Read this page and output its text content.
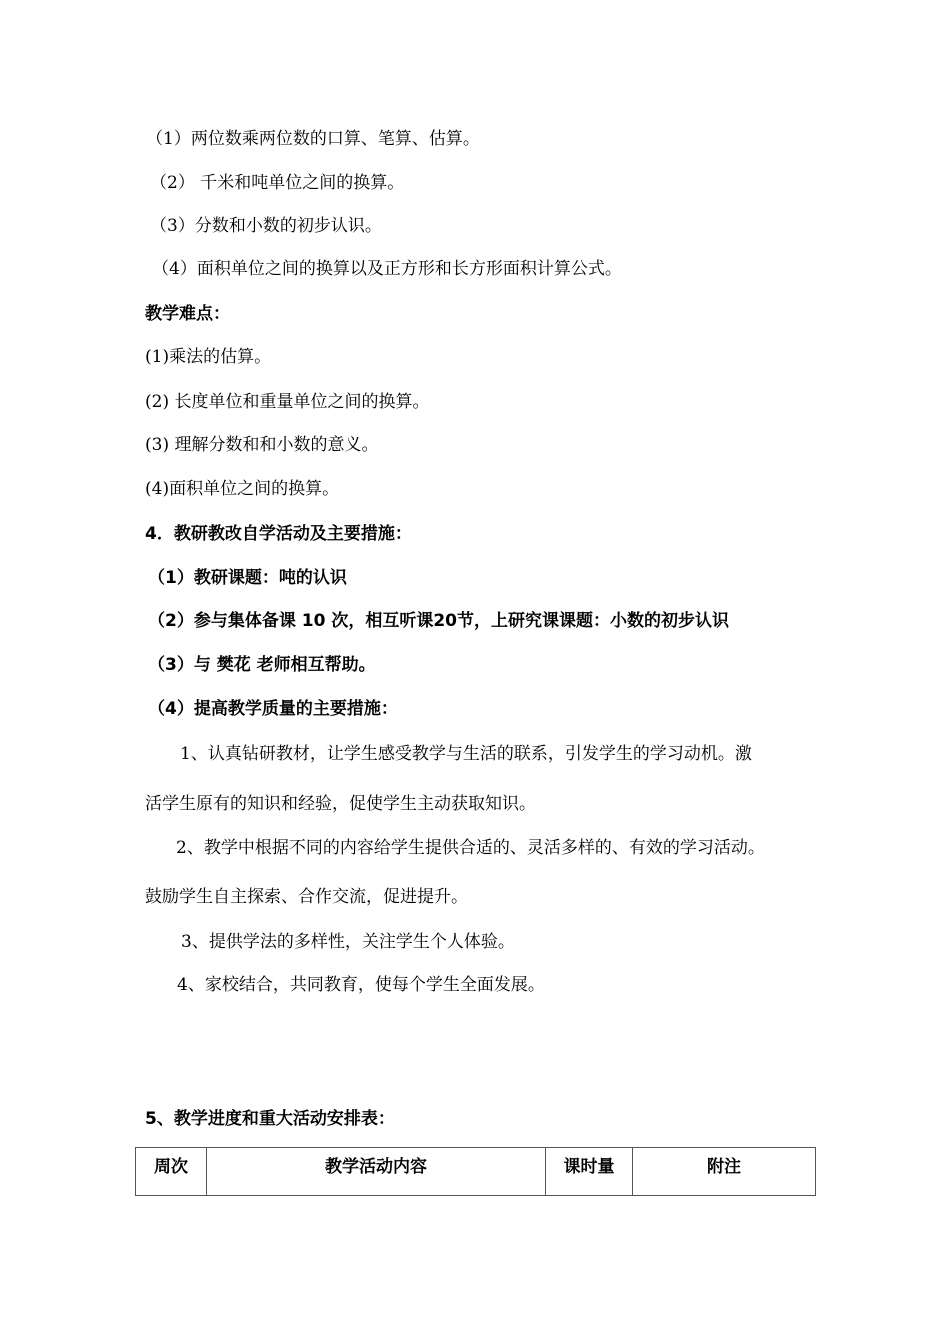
（1）两位数乘两位数的口算、笔算、估算。
（2） 千米和吨单位之间的换算。
（3）分数和小数的初步认识。
（4）面积单位之间的换算以及正方形和长方形面积计算公式。
教学难点：
(1)乘法的估算。
(2) 长度单位和重量单位之间的换算。
(3) 理解分数和和小数的意义。
(4)面积单位之间的换算。
4．教研教改自学活动及主要措施：
（1）教研课题：吨的认识
（2）参与集体备课 10 次，相互听课20节，上研究课课题：小数的初步认识
（3）与 樊花 老师相互帮助。
（4）提高教学质量的主要措施：
1、认真钻研教材，让学生感受教学与生活的联系，引发学生的学习动机。激
活学生原有的知识和经验，促使学生主动获取知识。
2、教学中根据不同的内容给学生提供合适的、灵活多样的、有效的学习活动。
鼓励学生自主探索、合作交流，促进提升。
3、提供学法的多样性，关注学生个人体验。
4、家校结合，共同教育，使每个学生全面发展。
5、教学进度和重大活动安排表：
周次	教学活动内容	课时量	附注
